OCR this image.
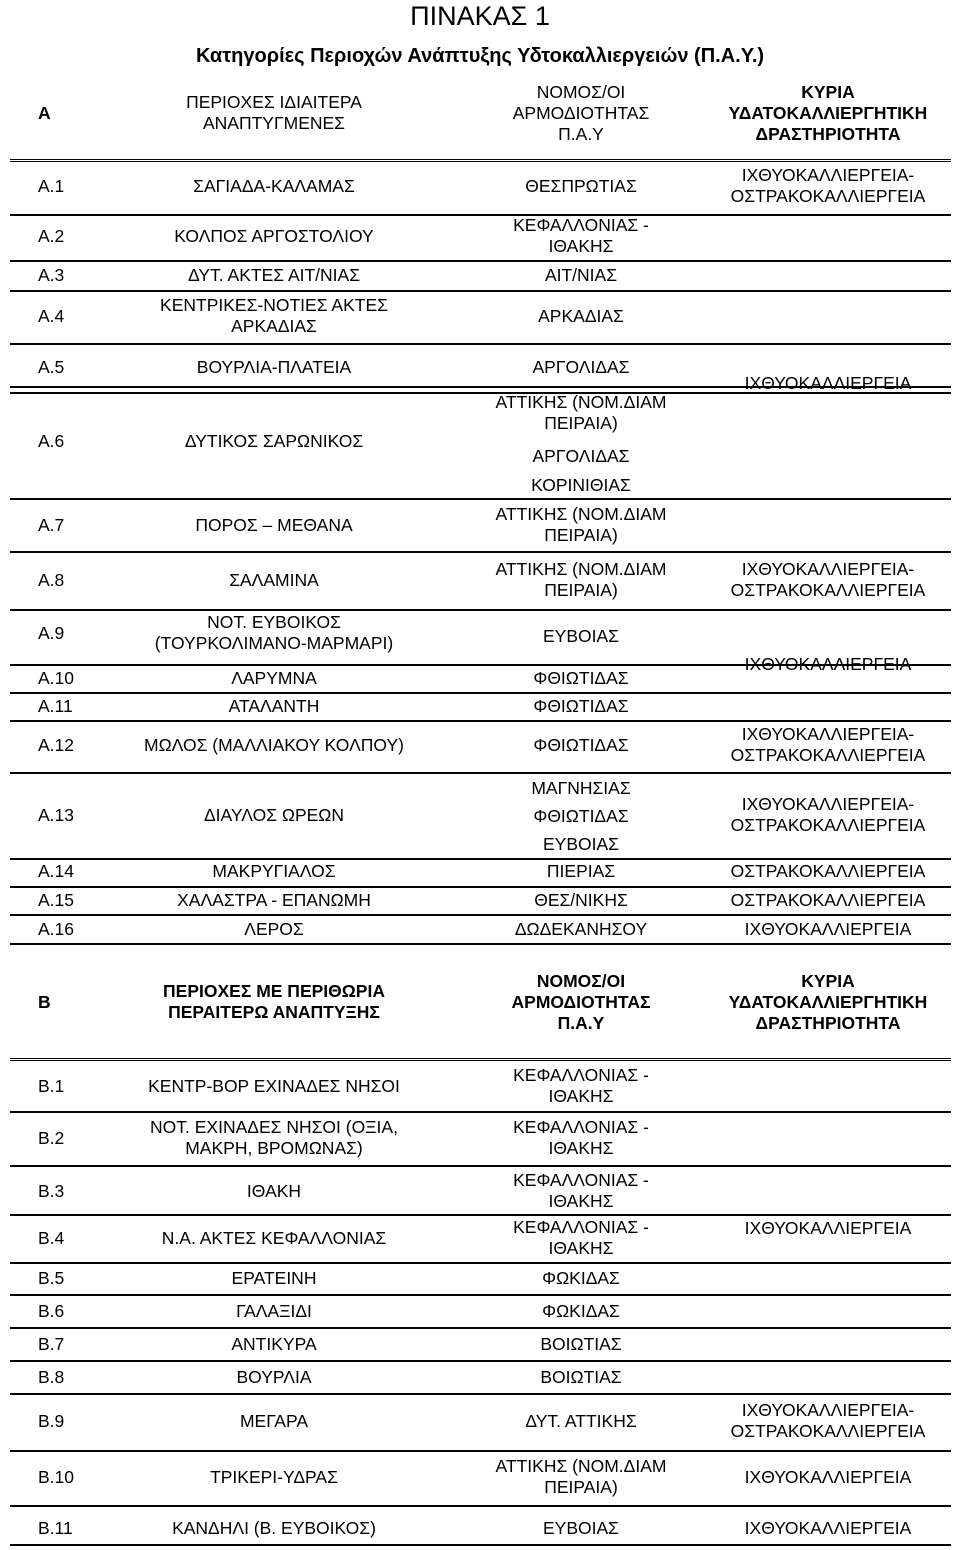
ΠΙΝΑΚΑΣ 1
Κατηγορίες Περιοχών Ανάπτυξης Υδτοκαλλιεργειών (Π.Α.Υ.)
Α
ΠΕΡΙΟΧΕΣ ΙΔΙΑΙΤΕΡΑ
ΑΝΑΠΤΥΓΜΕΝΕΣ
ΝΟΜΟΣ/ΟΙ
ΑΡΜΟΔΙΟΤΗΤΑΣ
Π.Α.Υ
ΚΥΡΙΑ
ΥΔΑΤΟΚΑΛΛΙΕΡΓΗΤΙΚΗ
ΔΡΑΣΤΗΡΙΟΤΗΤΑ
Α.1
Α.2
Α.3
Α.4
Α.5
Α.6
Α.7
Α.8
Α.9
Α.10
Α.11
Α.12
Α.13
Α.14
Α.15
Α.16
ΣΑΓΙΑΔΑ-ΚΑΛΑΜΑΣ
ΚΟΛΠΟΣ ΑΡΓΟΣΤΟΛΙΟΥ
ΔΥΤ. ΑΚΤΕΣ ΑΙΤ/ΝΙΑΣ
ΚΕΝΤΡΙΚΕΣ-ΝΟΤΙΕΣ ΑΚΤΕΣ
ΑΡΚΑΔΙΑΣ
ΒΟΥΡΛΙΑ-ΠΛΑΤΕΙΑ
ΔΥΤΙΚΟΣ ΣΑΡΩΝΙΚΟΣ
ΠΟΡΟΣ – ΜΕΘΑΝΑ
ΣΑΛΑΜΙΝΑ
ΝΟΤ. ΕΥΒΟΙΚΟΣ
(ΤΟΥΡΚΟΛΙΜΑΝΟ-ΜΑΡΜΑΡΙ)
ΛΑΡΥΜΝΑ
ΑΤΑΛΑΝΤΗ
ΜΩΛΟΣ (ΜΑΛΛΙΑΚΟΥ ΚΟΛΠΟΥ)
ΔΙΑΥΛΟΣ ΩΡΕΩΝ
ΜΑΚΡΥΓΙΑΛΟΣ
ΧΑΛΑΣΤΡΑ - ΕΠΑΝΩΜΗ
ΛΕΡΟΣ
ΘΕΣΠΡΩΤΙΑΣ
ΚΕΦΑΛΛΟΝΙΑΣ -
ΙΘΑΚΗΣ
ΑΙΤ/ΝΙΑΣ
ΑΡΚΑΔΙΑΣ
ΑΡΓΟΛΙΔΑΣ
ΑΤΤΙΚΗΣ (ΝΟΜ.ΔΙΑΜ
ΠΕΙΡΑΙΑ)
ΑΡΓΟΛΙΔΑΣ
ΚΟΡΙΝΙΘΙΑΣ
ΑΤΤΙΚΗΣ (ΝΟΜ.ΔΙΑΜ
ΠΕΙΡΑΙΑ)
ΑΤΤΙΚΗΣ (ΝΟΜ.ΔΙΑΜ
ΠΕΙΡΑΙΑ)
ΕΥΒΟΙΑΣ
ΦΘΙΩΤΙΔΑΣ
ΦΘΙΩΤΙΔΑΣ
ΦΘΙΩΤΙΔΑΣ
ΜΑΓΝΗΣΙΑΣ
ΦΘΙΩΤΙΔΑΣ
ΕΥΒΟΙΑΣ
ΠΙΕΡΙΑΣ
ΘΕΣ/ΝΙΚΗΣ
ΔΩΔΕΚΑΝΗΣΟΥ
ΙΧΘΥΟΚΑΛΛΙΕΡΓΕΙΑ-
ΟΣΤΡΑΚΟΚΑΛΛΙΕΡΓΕΙΑ
ΙΧΘΥΟΚΑΛΛΙΕΡΓΕΙΑ
ΙΧΘΥΟΚΑΛΛΙΕΡΓΕΙΑ-
ΟΣΤΡΑΚΟΚΑΛΛΙΕΡΓΕΙΑ
ΙΧΘΥΟΚΑΛΛΙΕΡΓΕΙΑ
ΙΧΘΥΟΚΑΛΛΙΕΡΓΕΙΑ-
ΟΣΤΡΑΚΟΚΑΛΛΙΕΡΓΕΙΑ
ΙΧΘΥΟΚΑΛΛΙΕΡΓΕΙΑ-
ΟΣΤΡΑΚΟΚΑΛΛΙΕΡΓΕΙΑ
ΟΣΤΡΑΚΟΚΑΛΛΙΕΡΓΕΙΑ
ΟΣΤΡΑΚΟΚΑΛΛΙΕΡΓΕΙΑ
ΙΧΘΥΟΚΑΛΛΙΕΡΓΕΙΑ
Β
ΠΕΡΙΟΧΕΣ ΜΕ ΠΕΡΙΘΩΡΙΑ
ΠΕΡΑΙΤΕΡΩ ΑΝΑΠΤΥΞΗΣ
ΝΟΜΟΣ/ΟΙ
ΑΡΜΟΔΙΟΤΗΤΑΣ
Π.Α.Υ
ΚΥΡΙΑ
ΥΔΑΤΟΚΑΛΛΙΕΡΓΗΤΙΚΗ
ΔΡΑΣΤΗΡΙΟΤΗΤΑ
Β.1
Β.2
Β.3
Β.4
Β.5
Β.6
Β.7
Β.8
Β.9
Β.10
Β.11
ΚΕΝΤΡ-ΒΟΡ ΕΧΙΝΑΔΕΣ ΝΗΣΟΙ
ΝΟΤ. ΕΧΙΝΑΔΕΣ ΝΗΣΟΙ (ΟΞΙΑ,
ΜΑΚΡΗ, ΒΡΟΜΩΝΑΣ)
ΙΘΑΚΗ
Ν.Α. ΑΚΤΕΣ ΚΕΦΑΛΛΟΝΙΑΣ
ΕΡΑΤΕΙΝΗ
ΓΑΛΑΞΙΔΙ
ΑΝΤΙΚΥΡΑ
ΒΟΥΡΛΙΑ
ΜΕΓΑΡΑ
ΤΡΙΚΕΡΙ-ΥΔΡΑΣ
ΚΑΝΔΗΛΙ (Β. ΕΥΒΟΙΚΟΣ)
ΚΕΦΑΛΛΟΝΙΑΣ -
ΙΘΑΚΗΣ
ΚΕΦΑΛΛΟΝΙΑΣ -
ΙΘΑΚΗΣ
ΚΕΦΑΛΛΟΝΙΑΣ -
ΙΘΑΚΗΣ
ΚΕΦΑΛΛΟΝΙΑΣ -
ΙΘΑΚΗΣ
ΦΩΚΙΔΑΣ
ΦΩΚΙΔΑΣ
ΒΟΙΩΤΙΑΣ
ΒΟΙΩΤΙΑΣ
ΔΥΤ. ΑΤΤΙΚΗΣ
ΑΤΤΙΚΗΣ (ΝΟΜ.ΔΙΑΜ
ΠΕΙΡΑΙΑ)
ΕΥΒΟΙΑΣ
ΙΧΘΥΟΚΑΛΛΙΕΡΓΕΙΑ
ΙΧΘΥΟΚΑΛΛΙΕΡΓΕΙΑ-
ΟΣΤΡΑΚΟΚΑΛΛΙΕΡΓΕΙΑ
ΙΧΘΥΟΚΑΛΛΙΕΡΓΕΙΑ
ΙΧΘΥΟΚΑΛΛΙΕΡΓΕΙΑ
